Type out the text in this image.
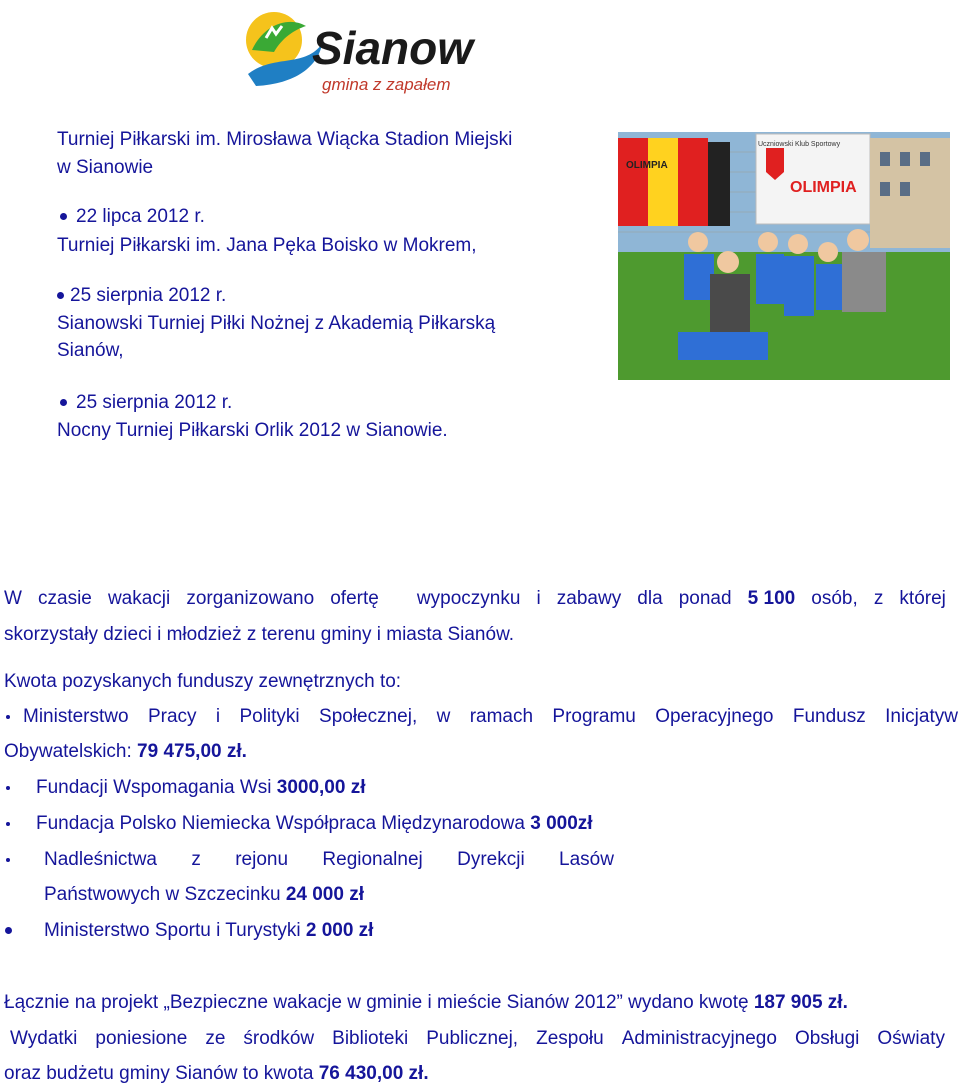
Sianow
gmina z zapałem
Turniej Piłkarski im. Mirosława Wiącka Stadion Miejski
w Sianowie
22 lipca 2012 r.
Turniej Piłkarski im. Jana Pęka Boisko w Mokrem,
25 sierpnia 2012 r.
Sianowski Turniej Piłki Nożnej z Akademią Piłkarską
Sianów,
25 sierpnia 2012 r.
Nocny Turniej Piłkarski Orlik 2012 w Sianowie.
OLIMPIA
Uczniowski Klub Sportowy
OLIMPIA
W czasie wakacji zorganizowano ofertę wypoczynku i zabawy dla ponad 5 100 osób, z której
skorzystały dzieci i młodzież z terenu gminy i miasta Sianów.
Kwota pozyskanych funduszy zewnętrznych to:
Ministerstwo Pracy i Polityki Społecznej, w ramach Programu Operacyjnego Fundusz Inicjatyw
Obywatelskich: 79 475,00 zł.
Fundacji Wspomagania Wsi 3000,00 zł
Fundacja Polsko Niemiecka Współpraca Międzynarodowa 3 000zł
Nadleśnictwa z rejonu Regionalnej Dyrekcji Lasów
Państwowych w Szczecinku 24 000 zł
Ministerstwo Sportu i Turystyki 2 000 zł
Łącznie na projekt „Bezpieczne wakacje w gminie i mieście Sianów 2012” wydano kwotę 187 905 zł.
Wydatki poniesione ze środków Biblioteki Publicznej, Zespołu Administracyjnego Obsługi Oświaty
oraz budżetu gminy Sianów to kwota 76 430,00 zł.
